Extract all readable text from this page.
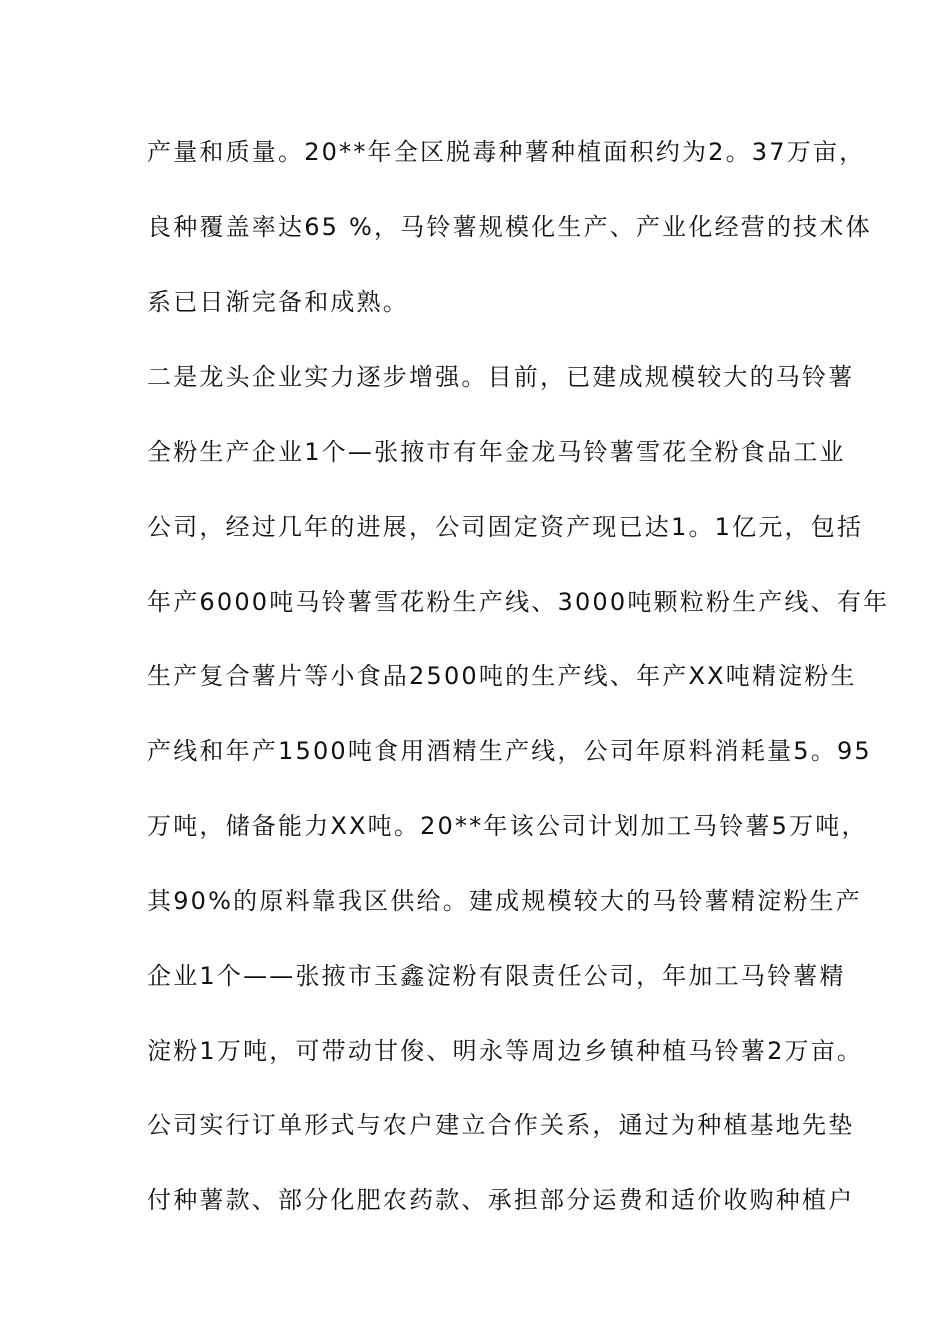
产量和质量。20**年全区脱毒种薯种植面积约为2。37万亩，
良种覆盖率达65 %，马铃薯规模化生产、产业化经营的技术体
系已日渐完备和成熟。
二是龙头企业实力逐步增强。目前，已建成规模较大的马铃薯
全粉生产企业1个—张掖市有年金龙马铃薯雪花全粉食品工业
公司，经过几年的进展，公司固定资产现已达1。1亿元，包括
年产6000吨马铃薯雪花粉生产线、3000吨颗粒粉生产线、有年
生产复合薯片等小食品2500吨的生产线、年产XX吨精淀粉生
产线和年产1500吨食用酒精生产线，公司年原料消耗量5。95
万吨，储备能力XX吨。20**年该公司计划加工马铃薯5万吨，
其90%的原料靠我区供给。建成规模较大的马铃薯精淀粉生产
企业1个——张掖市玉鑫淀粉有限责任公司，年加工马铃薯精
淀粉1万吨，可带动甘俊、明永等周边乡镇种植马铃薯2万亩。
公司实行订单形式与农户建立合作关系，通过为种植基地先垫
付种薯款、部分化肥农药款、承担部分运费和适价收购种植户
